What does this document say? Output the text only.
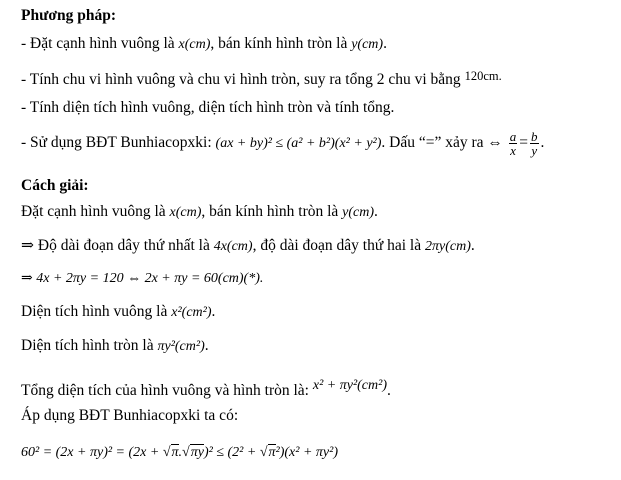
Phương pháp:
- Đặt cạnh hình vuông là x(cm), bán kính hình tròn là y(cm).
- Tính chu vi hình vuông và chu vi hình tròn, suy ra tổng 2 chu vi bằng $^{120cm.}$
- Tính diện tích hình vuông, diện tích hình tròn và tính tổng.
- Sử dụng BĐT Bunhiacopxki: (ax + by)² ≤ (a² + b²)(x² + y²). Dấu “=” xảy ra ⇔ $\frac{a}{x} = \frac{b}{y}$ .
Cách giải:
Đặt cạnh hình vuông là x(cm), bán kính hình tròn là y(cm).
⇒ Độ dài đoạn dây thứ nhất là 4x(cm), độ dài đoạn dây thứ hai là 2πy(cm).
⇒ 4x + 2πy = 120 ⇔ 2x + πy = 60(cm)(*).
Diện tích hình vuông là x²(cm²).
Diện tích hình tròn là πy²(cm²).
Tổng diện tích của hình vuông và hình tròn là: x² + πy²(cm²).
Áp dụng BĐT Bunhiacopxki ta có:
60² = (2x + πy)² = (2x + √π.√πy)² ≤ (2² + √π²)(x² + πy²)
